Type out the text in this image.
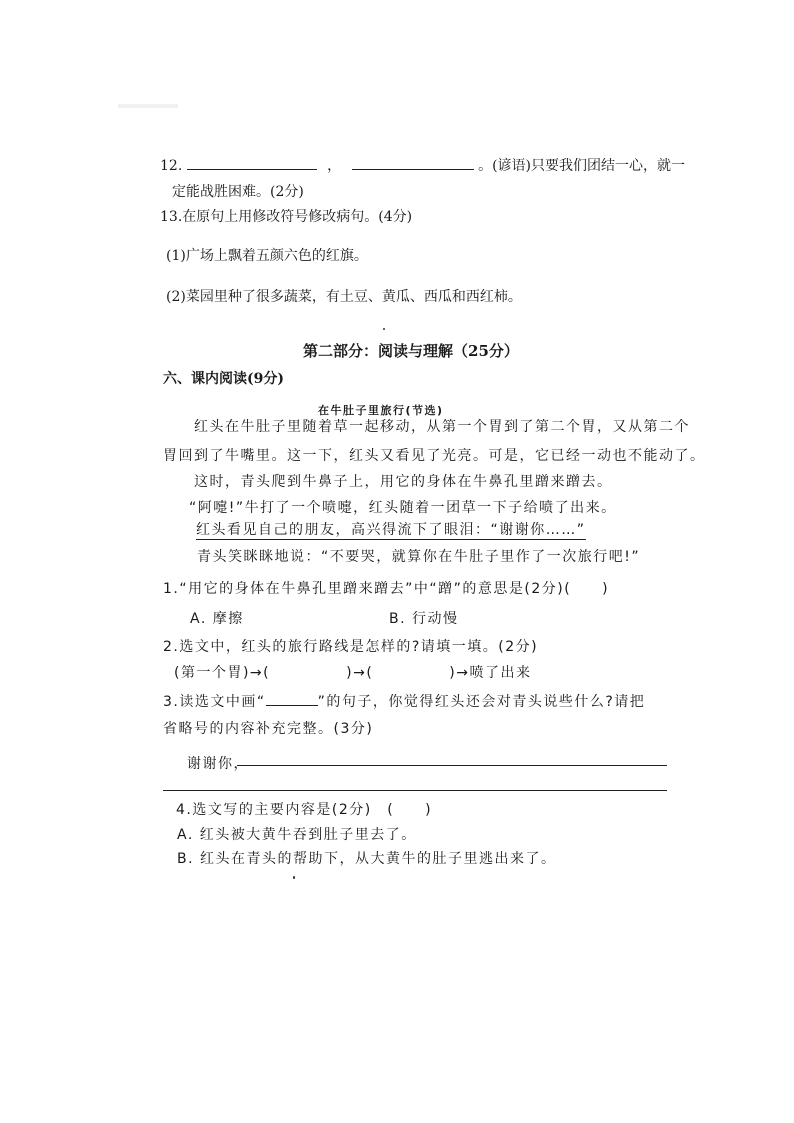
12.	，	。(谚语)只要我们团结一心，就一
定能战胜困难。(2分)
13.在原句上用修改符号修改病句。(4分)
(1)广场上飘着五颜六色的红旗。
(2)菜园里种了很多蔬菜，有土豆、黄瓜、西瓜和西红柿。
第二部分：阅读与理解（25分）
六、课内阅读(9分)
在牛肚子里旅行(节选)
红头在牛肚子里随着草一起移动，从第一个胃到了第二个胃，又从第二个
胃回到了牛嘴里。这一下，红头又看见了光亮。可是，它已经一动也不能动了。
这时，青头爬到牛鼻子上，用它的身体在牛鼻孔里蹭来蹭去。
“阿嚏!”牛打了一个喷嚏，红头随着一团草一下子给喷了出来。
红头看见自己的朋友，高兴得流下了眼泪：“谢谢你……”
青头笑眯眯地说：“不要哭，就算你在牛肚子里作了一次旅行吧!”
1.“用它的身体在牛鼻孔里蹭来蹭去”中“蹭”的意思是(2分)(　　)
A. 摩擦	B. 行动慢
2.选文中，红头的旅行路线是怎样的?请填一填。(2分)
(第一个胃)→(	)→(	)→喷了出来
3.读选文中画“	”的句子，你觉得红头还会对青头说些什么?请把
省略号的内容补充完整。(3分)
谢谢你，
4.选文写的主要内容是(2分)　(　　)
A. 红头被大黄牛吞到肚子里去了。
B. 红头在青头的帮助下，从大黄牛的肚子里逃出来了。
